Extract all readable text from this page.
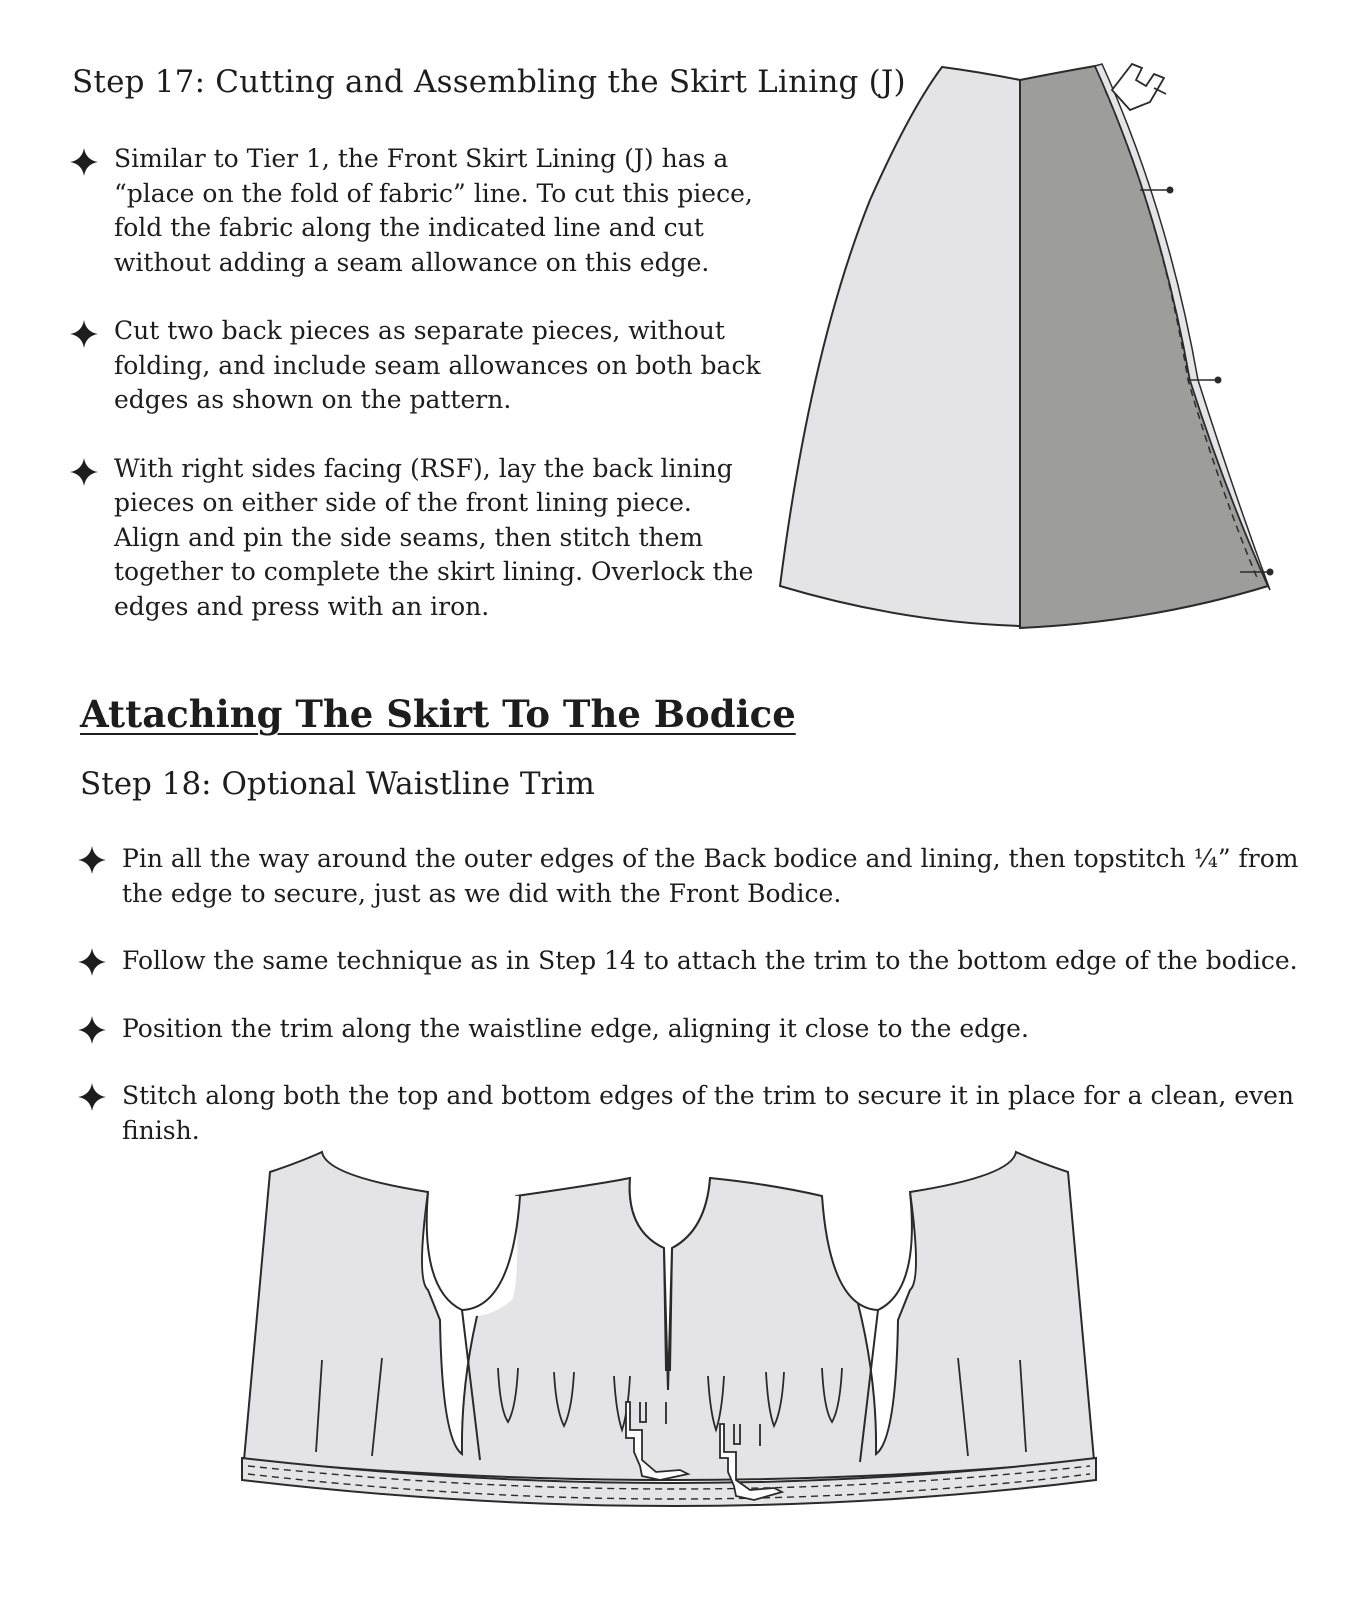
Step 17: Cutting and Assembling the Skirt Lining (J)
Similar to Tier 1, the Front Skirt Lining (J) has a “place on the fold of fabric” line. To cut this piece, fold the fabric along the indicated line and cut without adding a seam allowance on this edge.
Cut two back pieces as separate pieces, without folding, and include seam allowances on both back edges as shown on the pattern.
With right sides facing (RSF), lay the back lining pieces on either side of the front lining piece. Align and pin the side seams, then stitch them together to complete the skirt lining. Overlock the edges and press with an iron.
Attaching The Skirt To The Bodice
Step 18: Optional Waistline Trim
Pin all the way around the outer edges of the Back bodice and lining, then topstitch ¼” from the edge to secure, just as we did with the Front Bodice.
Follow the same technique as in Step 14 to attach the trim to the bottom edge of the bodice.
Position the trim along the waistline edge, aligning it close to the edge.
Stitch along both the top and bottom edges of the trim to secure it in place for a clean, even finish.
